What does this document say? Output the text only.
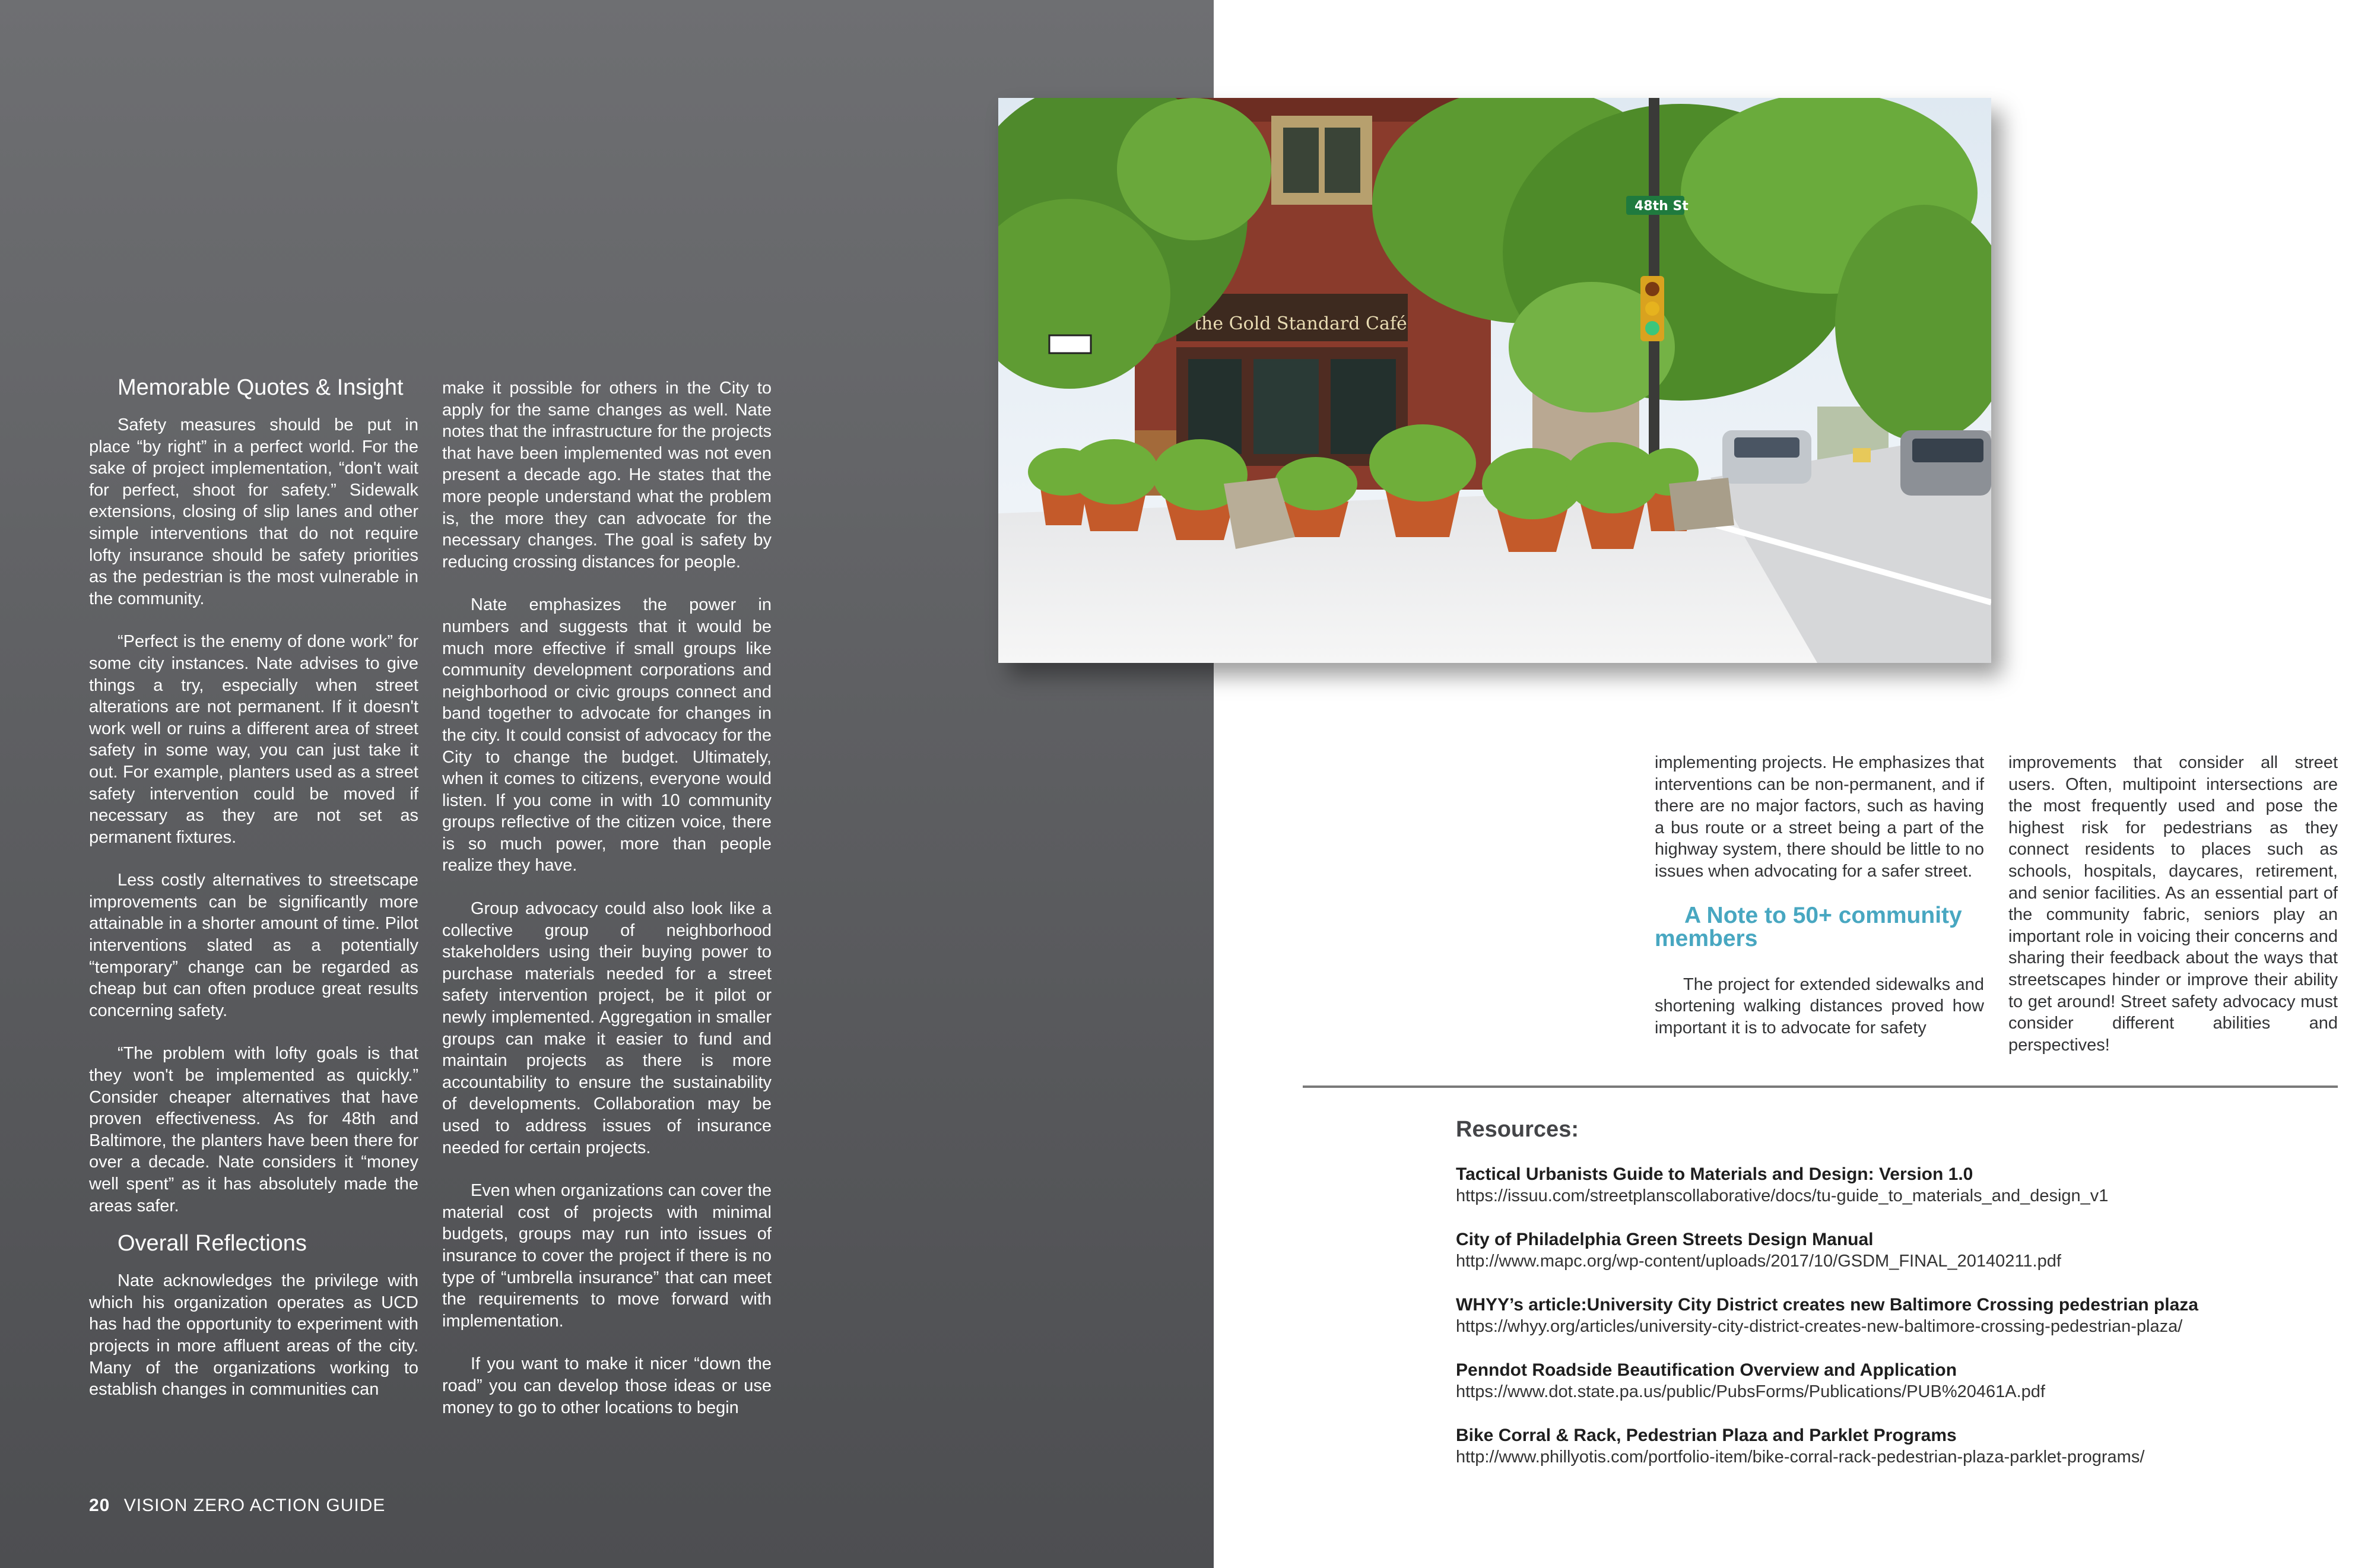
Memorable Quotes & Insight

Safety measures should be put in place “by right” in a perfect world. For the sake of project implementation, “don't wait for perfect, shoot for safety.” Sidewalk extensions, closing of slip lanes and other simple interventions that do not require lofty insurance should be safety priorities as the pedestrian is the most vulnerable in the community.

“Perfect is the enemy of done work” for some city instances. Nate advises to give things a try, especially when street alterations are not permanent. If it doesn't work well or ruins a different area of street safety in some way, you can just take it out. For example, planters used as a street safety intervention could be moved if necessary as they are not set as permanent fixtures.

Less costly alternatives to streetscape improvements can be significantly more attainable in a shorter amount of time. Pilot interventions slated as a potentially “temporary” change can be regarded as cheap but can often produce great results concerning safety.

“The problem with lofty goals is that they won't be implemented as quickly.” Consider cheaper alternatives that have proven effectiveness. As for 48th and Baltimore, the planters have been there for over a decade. Nate considers it “money well spent” as it has absolutely made the areas safer.

Overall Reflections

Nate acknowledges the privilege with which his organization operates as UCD has had the opportunity to experiment with projects in more affluent areas of the city. Many of the organizations working to establish changes in communities can

make it possible for others in the City to apply for the same changes as well. Nate notes that the infrastructure for the projects that have been implemented was not even present a decade ago. He states that the more people understand what the problem is, the more they can advocate for the necessary changes. The goal is safety by reducing crossing distances for people.

Nate emphasizes the power in numbers and suggests that it would be much more effective if small groups like community development corporations and neighborhood or civic groups connect and band together to advocate for changes in the city. It could consist of advocacy for the City to change the budget. Ultimately, when it comes to citizens, everyone would listen. If you come in with 10 community groups reflective of the citizen voice, there is so much power, more than people realize they have.

Group advocacy could also look like a collective group of neighborhood stakeholders using their buying power to purchase materials needed for a street safety intervention project, be it pilot or newly implemented. Aggregation in smaller groups can make it easier to fund and maintain projects as there is more accountability to ensure the sustainability of developments. Collaboration may be used to address issues of insurance needed for certain projects.

Even when organizations can cover the material cost of projects with minimal budgets, groups may run into issues of insurance to cover the project if there is no type of “umbrella insurance” that can meet the requirements to move forward with implementation.

If you want to make it nicer “down the road” you can develop those ideas or use money to go to other locations to begin

20 VISION ZERO ACTION GUIDE
the Gold Standard Café
48th St

implementing projects. He emphasizes that interventions can be non-permanent, and if there are no major factors, such as having a bus route or a street being a part of the highway system, there should be little to no issues when advocating for a safer street.

A Note to 50+ community members

The project for extended sidewalks and shortening walking distances proved how important it is to advocate for safety

improvements that consider all street users. Often, multipoint intersections are the most frequently used and pose the highest risk for pedestrians as they connect residents to places such as schools, hospitals, daycares, retirement, and senior facilities. As an essential part of the community fabric, seniors play an important role in voicing their concerns and sharing their feedback about the ways that streetscapes hinder or improve their ability to get around! Street safety advocacy must consider different abilities and perspectives!

Resources:
Tactical Urbanists Guide to Materials and Design: Version 1.0
https://issuu.com/streetplanscollaborative/docs/tu-guide_to_materials_and_design_v1
City of Philadelphia Green Streets Design Manual
http://www.mapc.org/wp-content/uploads/2017/10/GSDM_FINAL_20140211.pdf
WHYY’s article:University City District creates new Baltimore Crossing pedestrian plaza
https://whyy.org/articles/university-city-district-creates-new-baltimore-crossing-pedestrian-plaza/
Penndot Roadside Beautification Overview and Application
https://www.dot.state.pa.us/public/PubsForms/Publications/PUB%20461A.pdf
Bike Corral & Rack, Pedestrian Plaza and Parklet Programs
http://www.phillyotis.com/portfolio-item/bike-corral-rack-pedestrian-plaza-parklet-programs/
